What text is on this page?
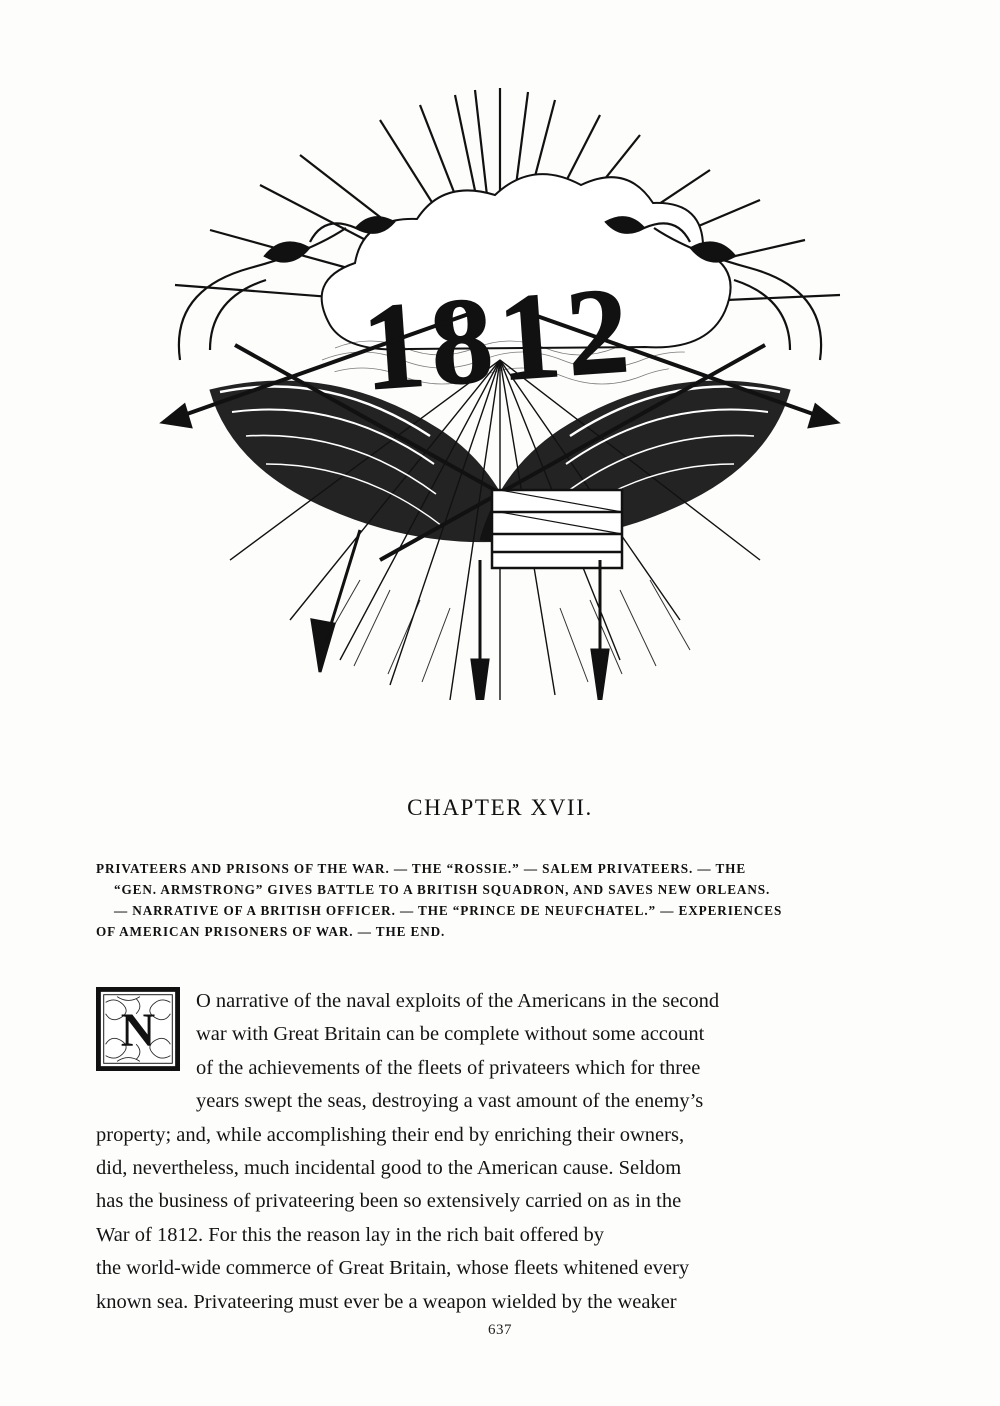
1812
CHAPTER XVII.
PRIVATEERS AND PRISONS OF THE WAR. — THE “ROSSIE.” — SALEM PRIVATEERS. — THE
“GEN. ARMSTRONG” GIVES BATTLE TO A BRITISH SQUADRON, AND SAVES NEW ORLEANS.
— NARRATIVE OF A BRITISH OFFICER. — THE “PRINCE DE NEUFCHATEL.” — EXPERIENCES
OF AMERICAN PRISONERS OF WAR. — THE END.
N
O narrative of the naval exploits of the Americans in the second
war with Great Britain can be complete without some account
of the achievements of the fleets of privateers which for three
years swept the seas, destroying a vast amount of the enemy’s
property; and, while accomplishing their end by enriching their owners,
did, nevertheless, much incidental good to the American cause. Seldom
has the business of privateering been so extensively carried on as in the
War of 1812. For this the reason lay in the rich bait offered by
the world-wide commerce of Great Britain, whose fleets whitened every
known sea. Privateering must ever be a weapon wielded by the weaker
637
